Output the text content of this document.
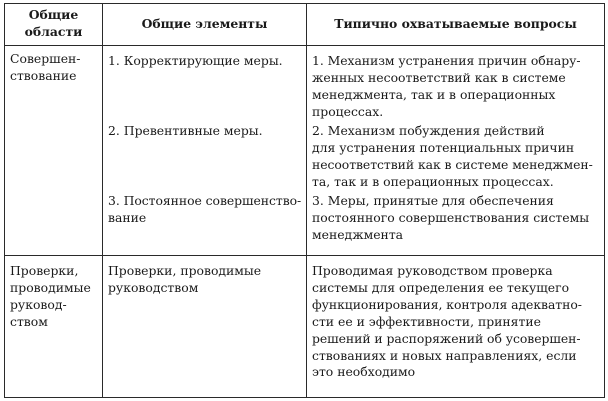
Общие
области
Общие элементы	Типично охватываемые вопросы
Совершен-
ствование
1. Корректирующие меры. 1. Механизм устранения причин обнару-
женных несоответствий как в системе
менеджмента, так и в операционных
процессах.
2. Превентивные меры.	2. Механизм побуждения действий
для устранения потенциальных причин
несоответствий как в системе менеджмен-
та, так и в операционных процессах.
3. Постоянное совершенство-
вание
3. Меры, принятые для обеспечения
постоянного совершенствования системы
менеджмента
Проверки,
проводимые
руковод-
ством
Проверки, проводимые
руководством
Проводимая руководством проверка
системы для определения ее текущего
функционирования, контроля адекватно-
сти ее и эффективности, принятие
решений и распоряжений об усовершен-
ствованиях и новых направлениях, если
это необходимо
